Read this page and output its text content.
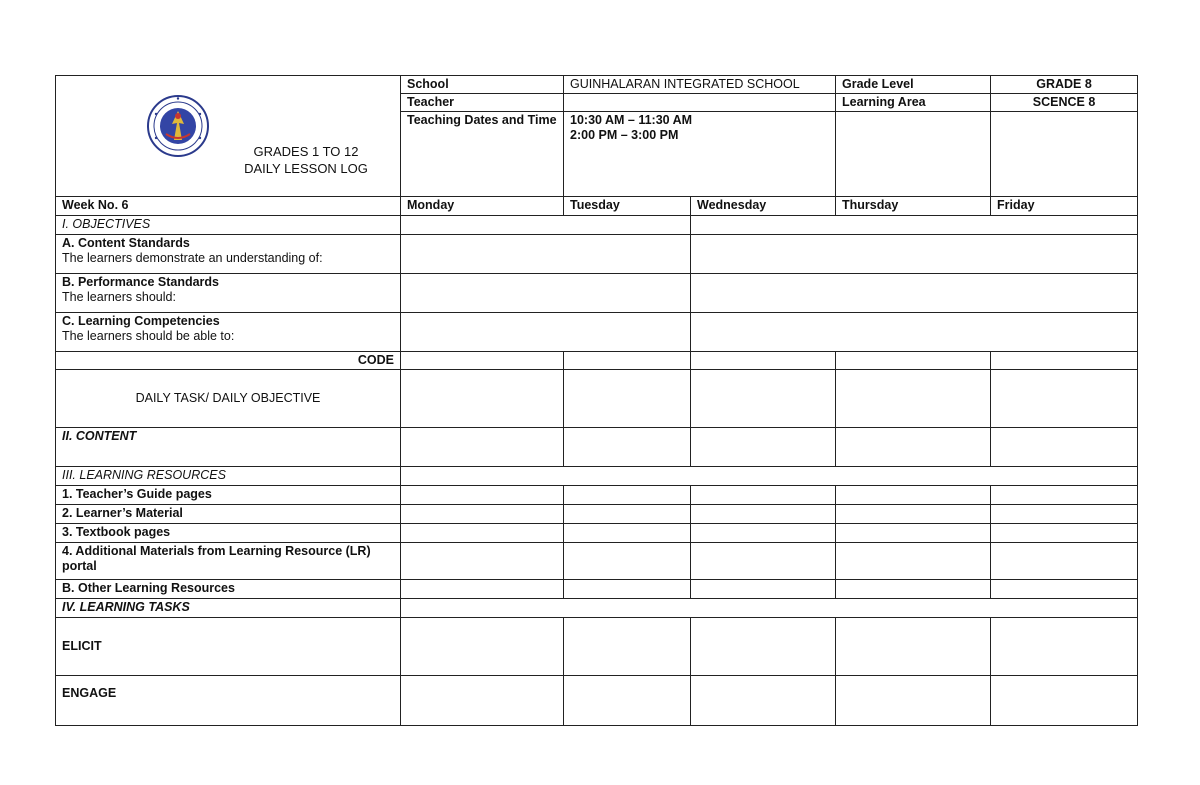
GRADES 1 TO 12
DAILY LESSON LOG	School	GUINHALARAN INTEGRATED SCHOOL		Grade Level	GRADE 8
	Teacher			Learning Area	SCENCE 8
	Teaching Dates and Time	10:30 AM – 11:30 AM
2:00 PM – 3:00 PM			

Week No. 6	Monday	Tuesday	Wednesday	Thursday	Friday
I. OBJECTIVES					
A. Content Standards
The learners demonstrate an understanding of:					

B. Performance Standards
The learners should:					

C. Learning Competencies
The learners should be able to:					

CODE					
DAILY TASK/ DAILY OBJECTIVE					
II. CONTENT					
III. LEARNING RESOURCES					
1. Teacher’s Guide pages					
2. Learner’s Material					
3. Textbook pages					
4. Additional Materials from Learning Resource (LR) portal					
B. Other Learning Resources					
IV. LEARNING TASKS					
ELICIT					
ENGAGE					
